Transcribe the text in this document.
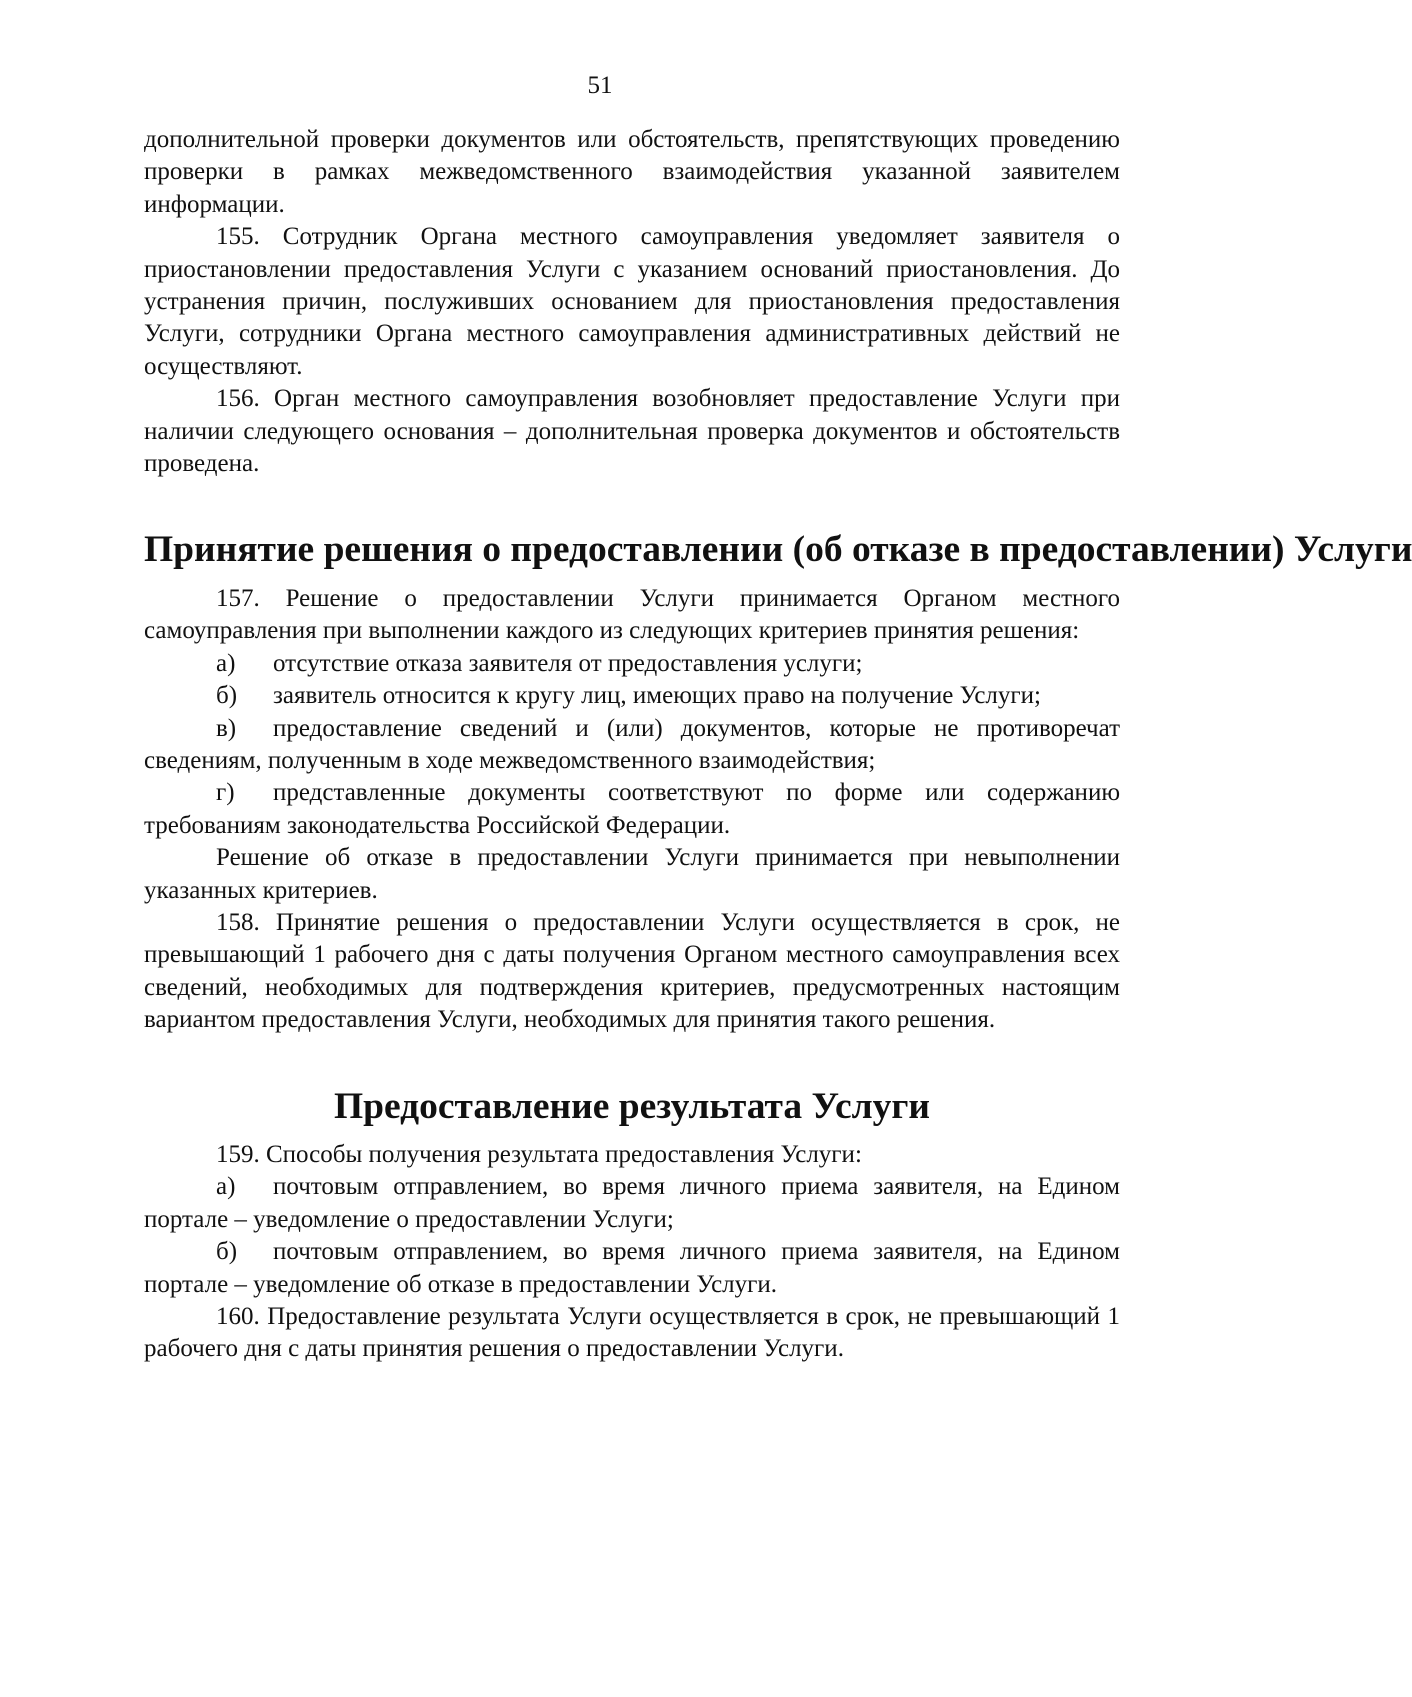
51

дополнительной проверки документов или обстоятельств, препятствующих проведению проверки в рамках межведомственного взаимодействия указанной заявителем информации.

155. Сотрудник Органа местного самоуправления уведомляет заявителя о приостановлении предоставления Услуги с указанием оснований приостановления. До устранения причин, послуживших основанием для приостановления предоставления Услуги, сотрудники Органа местного самоуправления административных действий не осуществляют.

156. Орган местного самоуправления возобновляет предоставление Услуги при наличии следующего основания – дополнительная проверка документов и обстоятельств проведена.

Принятие решения о предоставлении (об отказе в предоставлении) Услуги

157. Решение о предоставлении Услуги принимается Органом местного самоуправления при выполнении каждого из следующих критериев принятия решения:

а) отсутствие отказа заявителя от предоставления услуги;

б) заявитель относится к кругу лиц, имеющих право на получение Услуги;

в) предоставление сведений и (или) документов, которые не противоречат сведениям, полученным в ходе межведомственного взаимодействия;

г) представленные документы соответствуют по форме или содержанию требованиям законодательства Российской Федерации.

Решение об отказе в предоставлении Услуги принимается при невыполнении указанных критериев.

158. Принятие решения о предоставлении Услуги осуществляется в срок, не превышающий 1 рабочего дня с даты получения Органом местного самоуправления всех сведений, необходимых для подтверждения критериев, предусмотренных настоящим вариантом предоставления Услуги, необходимых для принятия такого решения.

Предоставление результата Услуги

159. Способы получения результата предоставления Услуги:

а) почтовым отправлением, во время личного приема заявителя, на Едином портале – уведомление о предоставлении Услуги;

б) почтовым отправлением, во время личного приема заявителя, на Едином портале – уведомление об отказе в предоставлении Услуги.

160. Предоставление результата Услуги осуществляется в срок, не превышающий 1 рабочего дня с даты принятия решения о предоставлении Услуги.
